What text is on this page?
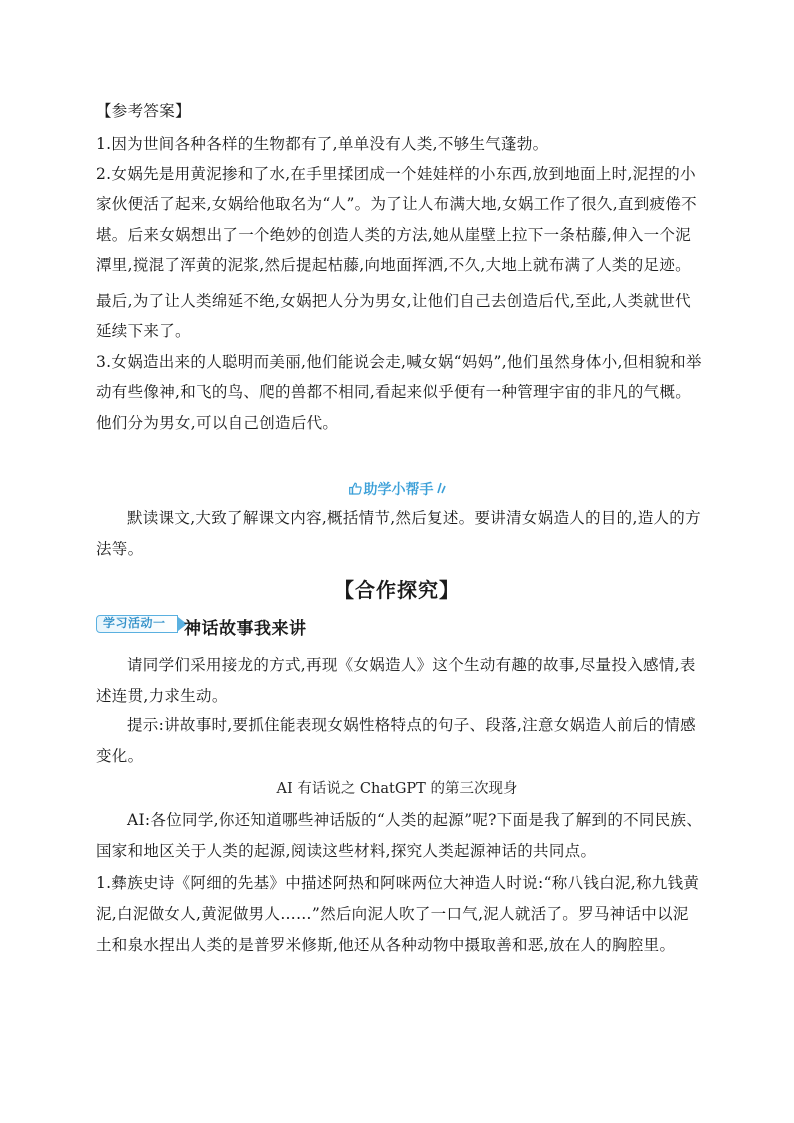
【参考答案】
1.因为世间各种各样的生物都有了,单单没有人类,不够生气蓬勃。
2.女娲先是用黄泥掺和了水,在手里揉团成一个娃娃样的小东西,放到地面上时,泥捏的小
家伙便活了起来,女娲给他取名为“人”。为了让人布满大地,女娲工作了很久,直到疲倦不
堪。后来女娲想出了一个绝妙的创造人类的方法,她从崖壁上拉下一条枯藤,伸入一个泥
潭里,搅混了浑黄的泥浆,然后提起枯藤,向地面挥洒,不久,大地上就布满了人类的足迹。
最后,为了让人类绵延不绝,女娲把人分为男女,让他们自己去创造后代,至此,人类就世代
延续下来了。
3.女娲造出来的人聪明而美丽,他们能说会走,喊女娲“妈妈”,他们虽然身体小,但相貌和举
动有些像神,和飞的鸟、爬的兽都不相同,看起来似乎便有一种管理宇宙的非凡的气概。
他们分为男女,可以自己创造后代。
助学小帮手
默读课文,大致了解课文内容,概括情节,然后复述。要讲清女娲造人的目的,造人的方
法等。
【合作探究】
学习活动一 神话故事我来讲
请同学们采用接龙的方式,再现《女娲造人》这个生动有趣的故事,尽量投入感情,表
述连贯,力求生动。
提示:讲故事时,要抓住能表现女娲性格特点的句子、段落,注意女娲造人前后的情感
变化。
AI 有话说之 ChatGPT 的第三次现身
AI:各位同学,你还知道哪些神话版的“人类的起源”呢?下面是我了解到的不同民族、
国家和地区关于人类的起源,阅读这些材料,探究人类起源神话的共同点。
1.彝族史诗《阿细的先基》中描述阿热和阿咪两位大神造人时说:“称八钱白泥,称九钱黄
泥,白泥做女人,黄泥做男人……”然后向泥人吹了一口气,泥人就活了。罗马神话中以泥
土和泉水捏出人类的是普罗米修斯,他还从各种动物中摄取善和恶,放在人的胸腔里。
